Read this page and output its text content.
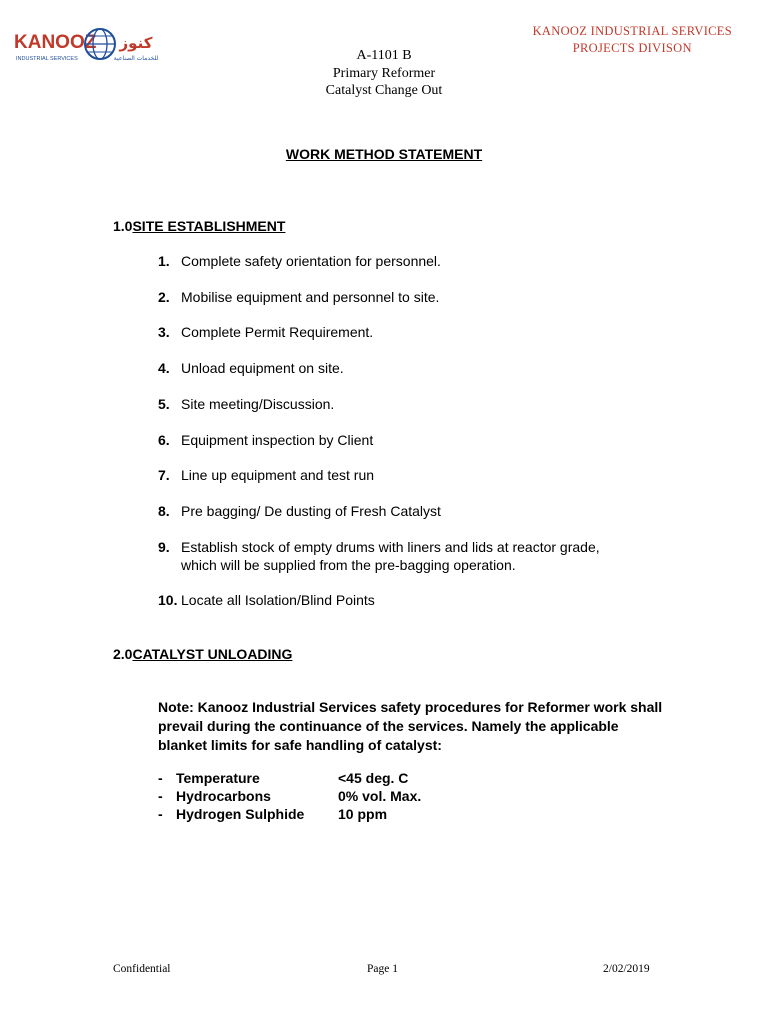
KANOOZ
INDUSTRIAL SERVICES
كنوز
للخدمات الصناعية
KANOOZ INDUSTRIAL SERVICES
PROJECTS DIVISON
A-1101 B
Primary Reformer
Catalyst Change Out
WORK METHOD STATEMENT
1.0SITE ESTABLISHMENT
1. Complete safety orientation for personnel.
2. Mobilise equipment and personnel to site.
3. Complete Permit Requirement.
4. Unload equipment on site.
5. Site meeting/Discussion.
6. Equipment inspection by Client
7. Line up equipment and test run
8. Pre bagging/ De dusting of Fresh Catalyst
9. Establish stock of empty drums with liners and lids at reactor grade, which will be supplied from the pre-bagging operation.
10. Locate all Isolation/Blind Points
2.0CATALYST UNLOADING
Note: Kanooz Industrial Services safety procedures for Reformer work shall prevail during the continuance of the services. Namely the applicable blanket limits for safe handling of catalyst:
- Temperature	<45 deg. C
- Hydrocarbons	0% vol. Max.
- Hydrogen Sulphide	10 ppm
Confidential	Page 1	2/02/2019
